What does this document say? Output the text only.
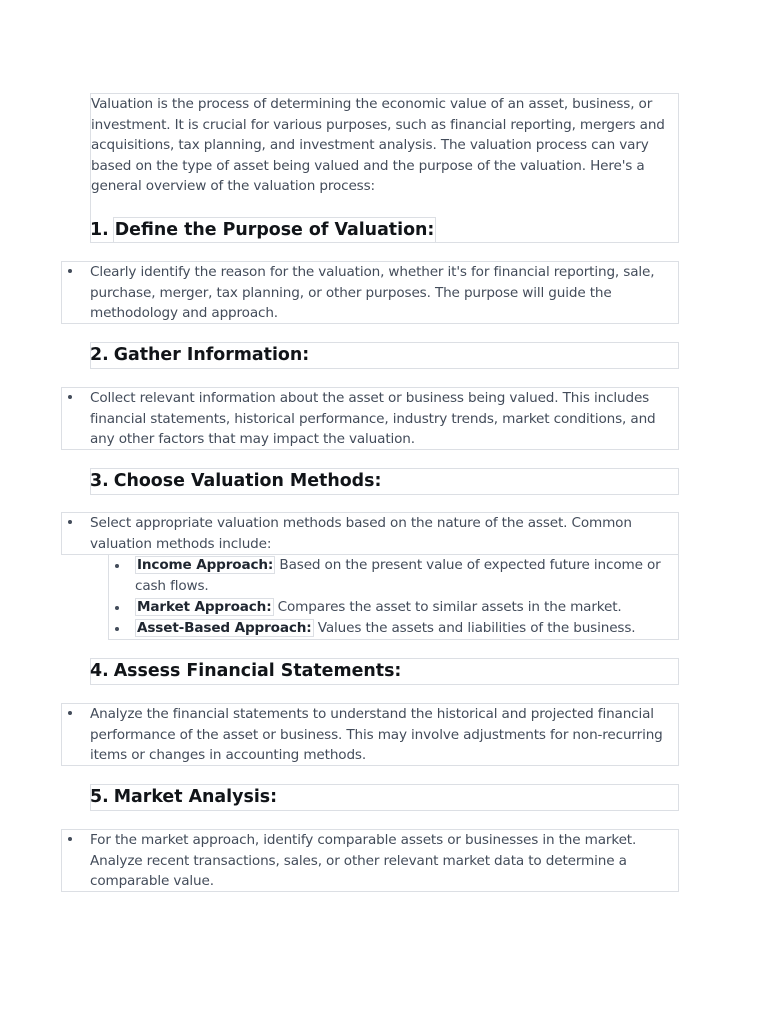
Valuation is the process of determining the economic value of an asset, business, or investment. It is crucial for various purposes, such as financial reporting, mergers and acquisitions, tax planning, and investment analysis. The valuation process can vary based on the type of asset being valued and the purpose of the valuation. Here's a general overview of the valuation process:
1. Define the Purpose of Valuation:
Clearly identify the reason for the valuation, whether it's for financial reporting, sale, purchase, merger, tax planning, or other purposes. The purpose will guide the methodology and approach.
2. Gather Information:
Collect relevant information about the asset or business being valued. This includes financial statements, historical performance, industry trends, market conditions, and any other factors that may impact the valuation.
3. Choose Valuation Methods:
Select appropriate valuation methods based on the nature of the asset. Common valuation methods include:
Income Approach: Based on the present value of expected future income or cash flows.
Market Approach: Compares the asset to similar assets in the market.
Asset-Based Approach: Values the assets and liabilities of the business.
4. Assess Financial Statements:
Analyze the financial statements to understand the historical and projected financial performance of the asset or business. This may involve adjustments for non-recurring items or changes in accounting methods.
5. Market Analysis:
For the market approach, identify comparable assets or businesses in the market. Analyze recent transactions, sales, or other relevant market data to determine a comparable value.
